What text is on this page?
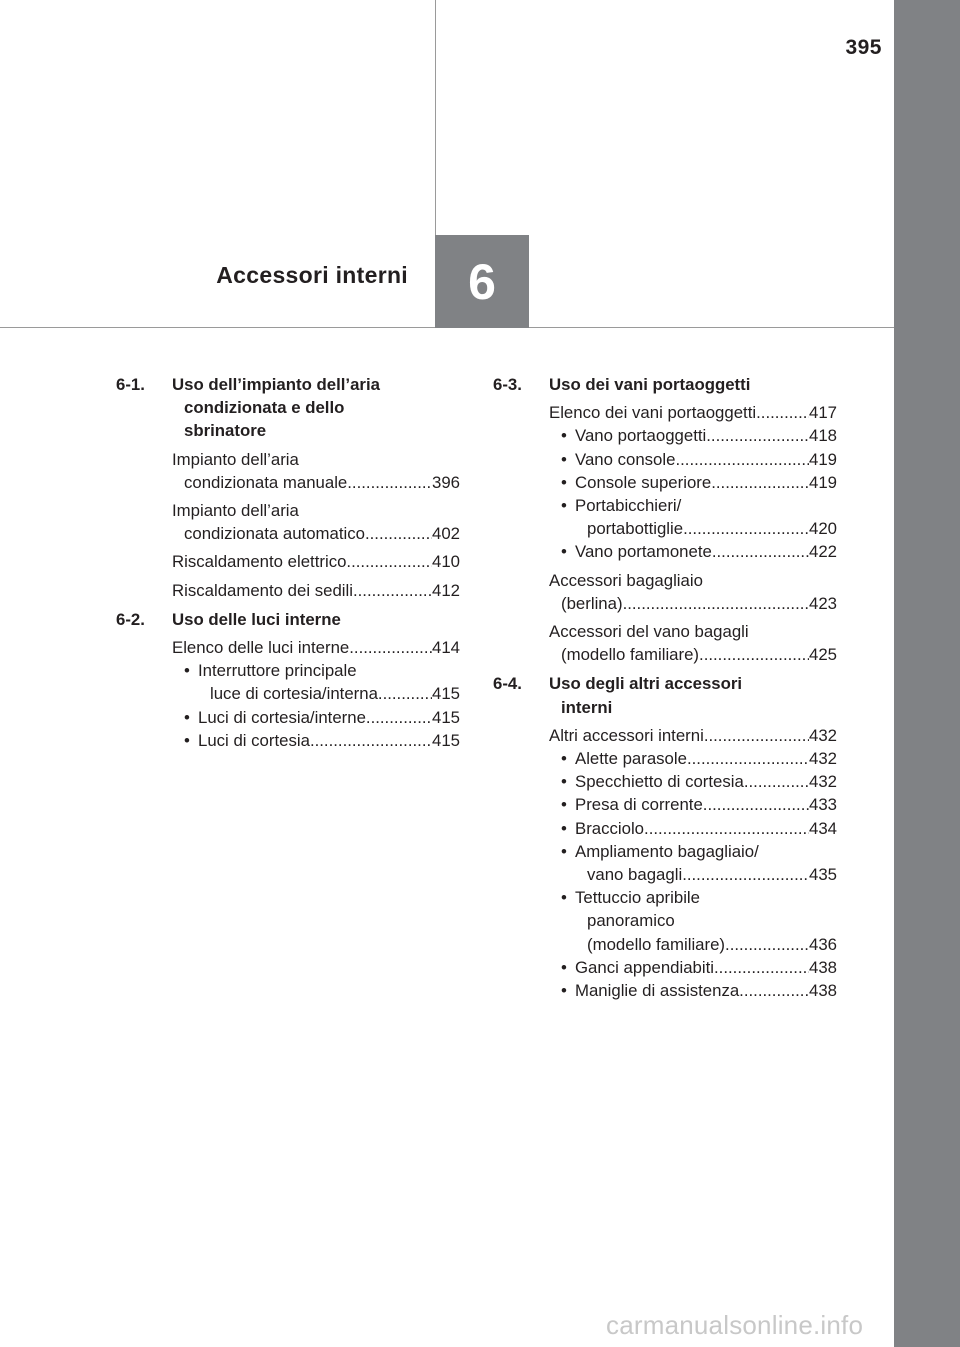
395
6
Accessori interni
6-1.	Uso dell’impianto dell’aria
condizionata e dello
sbrinatore
Impianto dell’aria
condizionata manuale .....	396
Impianto dell’aria
condizionata automatico .....	402
Riscaldamento elettrico .....	410
Riscaldamento dei sedili .....	412
6-2.	Uso delle luci interne
Elenco delle luci interne .....	414
• Interruttore principale
luce di cortesia/interna .....	415
• Luci di cortesia/interne .....	415
• Luci di cortesia .....	415
6-3.	Uso dei vani portaoggetti
Elenco dei vani portaoggetti .....	417
• Vano portaoggetti .....	418
• Vano console .....	419
• Console superiore .....	419
• Portabicchieri/
portabottiglie .....	420
• Vano portamonete .....	422
Accessori bagagliaio
(berlina) .....	423
Accessori del vano bagagli
(modello familiare) .....	425
6-4.	Uso degli altri accessori
interni
Altri accessori interni .....	432
• Alette parasole .....	432
• Specchietto di cortesia .....	432
• Presa di corrente .....	433
• Bracciolo .....	434
• Ampliamento bagagliaio/
vano bagagli .....	435
• Tettuccio apribile
panoramico
(modello familiare) .....	436
• Ganci appendiabiti .....	438
• Maniglie di assistenza .....	438
carmanualsonline.info
